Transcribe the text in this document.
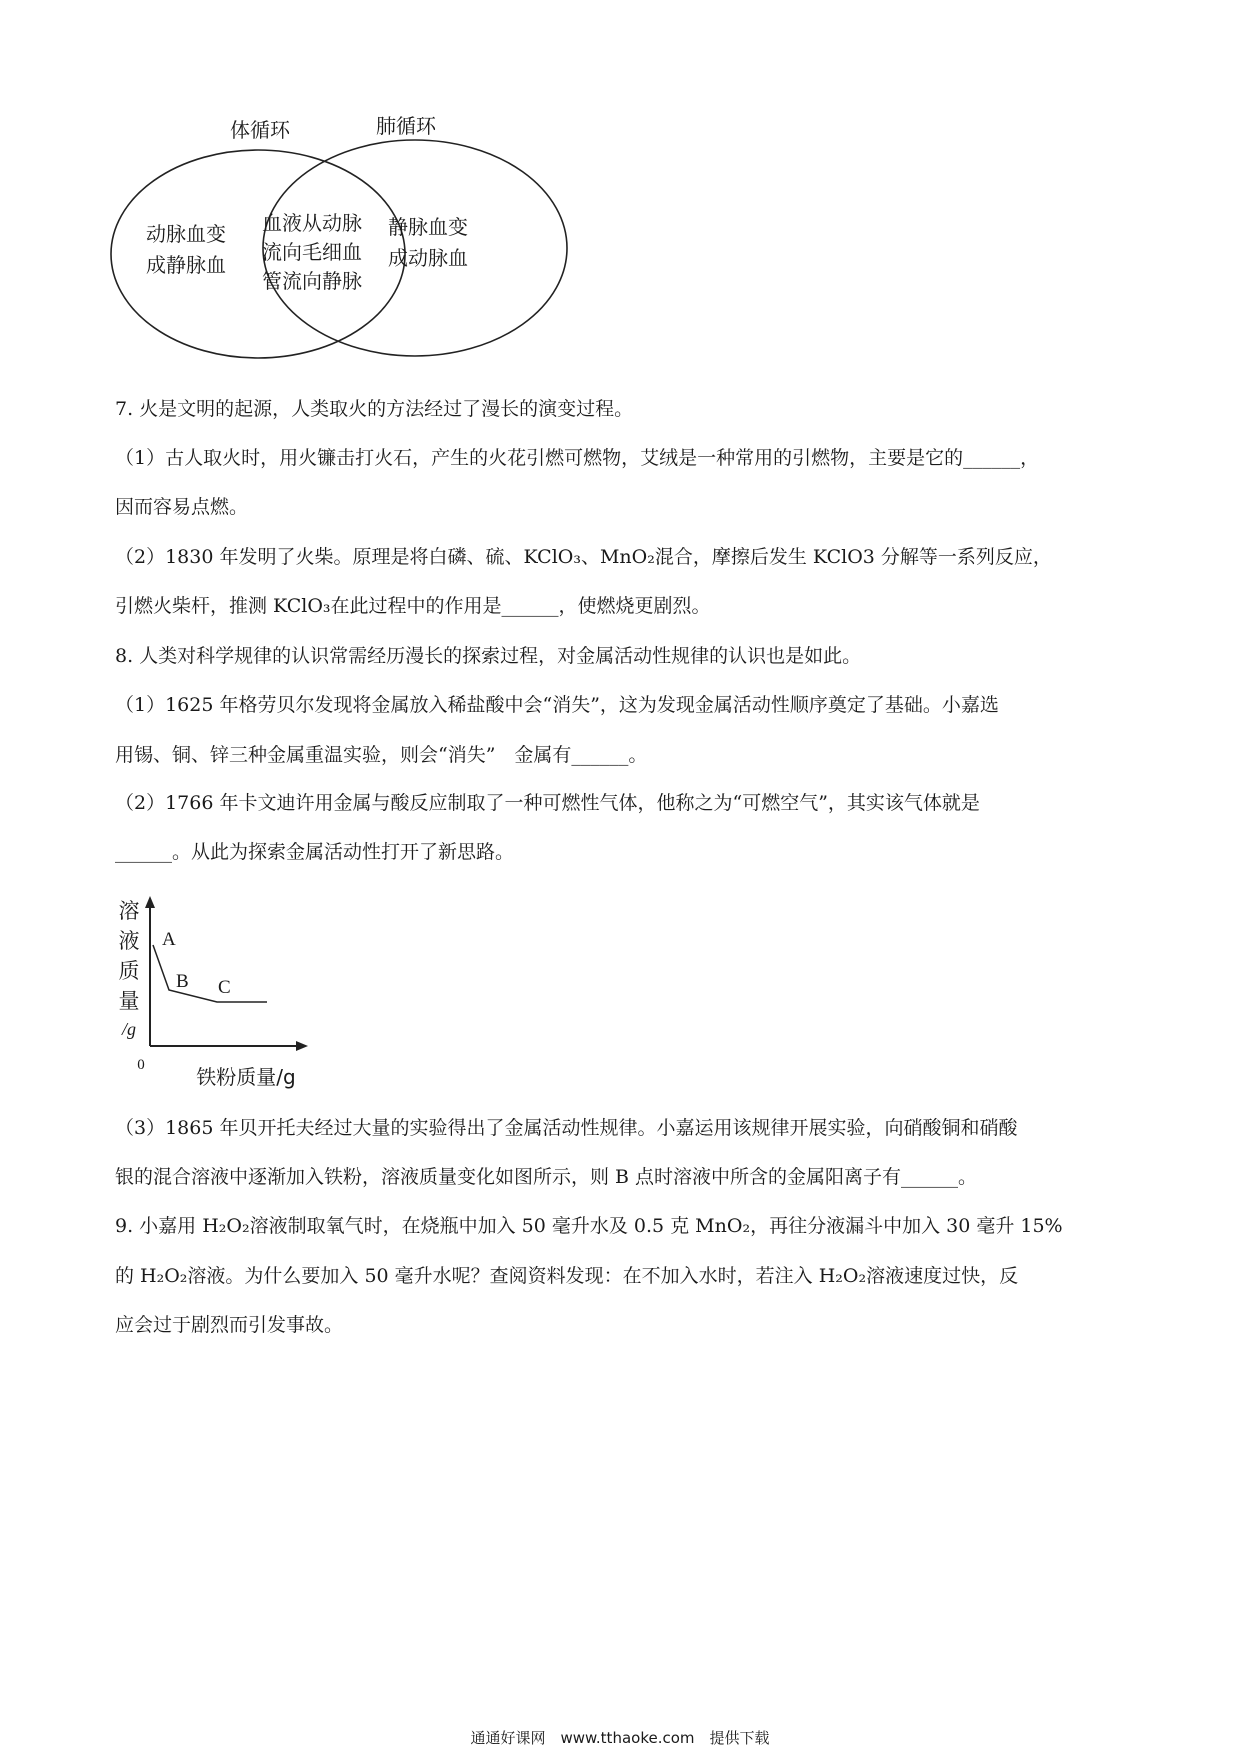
体循环	肺循环
动脉血变
成静脉血
血液从动脉
流向毛细血
管流向静脉
静脉血变
成动脉血
7. 火是文明的起源，人类取火的方法经过了漫长的演变过程。
（1）古人取火时，用火镰击打火石，产生的火花引燃可燃物，艾绒是一种常用的引燃物，主要是它的______，
因而容易点燃。
（2）1830 年发明了火柴。原理是将白磷、硫、KClO₃、MnO₂混合，摩擦后发生 KClO3 分解等一系列反应，
引燃火柴杆，推测 KClO₃在此过程中的作用是______，使燃烧更剧烈。
8. 人类对科学规律的认识常需经历漫长的探索过程，对金属活动性规律的认识也是如此。
（1）1625 年格劳贝尔发现将金属放入稀盐酸中会“消失”，这为发现金属活动性顺序奠定了基础。小嘉选
用锡、铜、锌三种金属重温实验，则会“消失”　金属有______。
（2）1766 年卡文迪许用金属与酸反应制取了一种可燃性气体，他称之为“可燃空气”，其实该气体就是
______。从此为探索金属活动性打开了新思路。
溶
液
质
量
/g
0	铁粉质量/g
A
B C
（3）1865 年贝开托夫经过大量的实验得出了金属活动性规律。小嘉运用该规律开展实验，向硝酸铜和硝酸
银的混合溶液中逐渐加入铁粉，溶液质量变化如图所示，则 B 点时溶液中所含的金属阳离子有______。
9. 小嘉用 H₂O₂溶液制取氧气时，在烧瓶中加入 50 毫升水及 0.5 克 MnO₂，再往分液漏斗中加入 30 毫升 15%
的 H₂O₂溶液。为什么要加入 50 毫升水呢？查阅资料发现：在不加入水时，若注入 H₂O₂溶液速度过快，反
应会过于剧烈而引发事故。
通通好课网　www.tthaoke.com　提供下载
